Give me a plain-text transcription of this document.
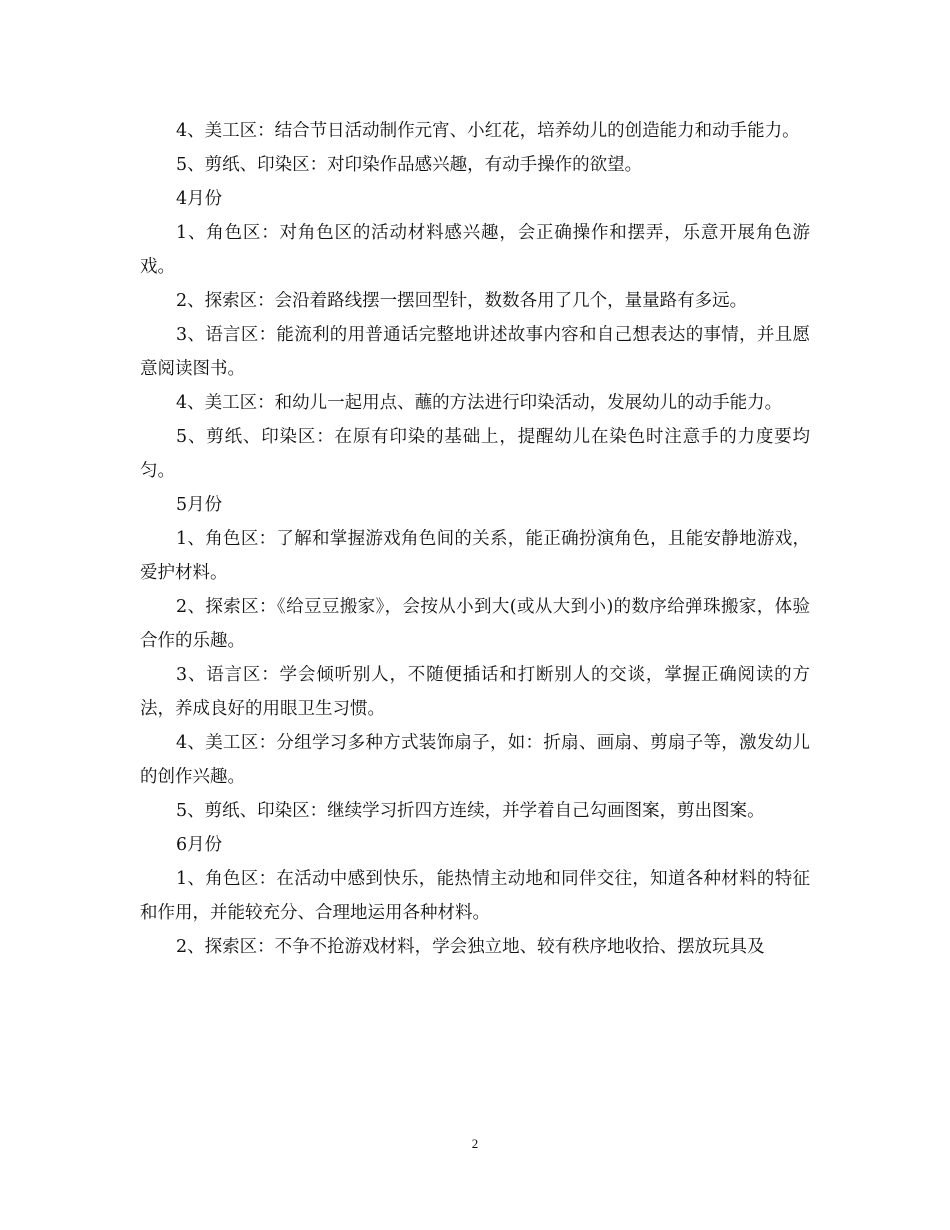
4、美工区：结合节日活动制作元宵、小红花，培养幼儿的创造能力和动手能力。

5、剪纸、印染区：对印染作品感兴趣，有动手操作的欲望。

4月份

1、角色区：对角色区的活动材料感兴趣，会正确操作和摆弄，乐意开展角色游戏。

2、探索区：会沿着路线摆一摆回型针，数数各用了几个，量量路有多远。

3、语言区：能流利的用普通话完整地讲述故事内容和自己想表达的事情，并且愿意阅读图书。

4、美工区：和幼儿一起用点、蘸的方法进行印染活动，发展幼儿的动手能力。

5、剪纸、印染区：在原有印染的基础上，提醒幼儿在染色时注意手的力度要均匀。

5月份

1、角色区：了解和掌握游戏角色间的关系，能正确扮演角色，且能安静地游戏，爱护材料。

2、探索区：《给豆豆搬家》，会按从小到大(或从大到小)的数序给弹珠搬家，体验合作的乐趣。

3、语言区：学会倾听别人，不随便插话和打断别人的交谈，掌握正确阅读的方法，养成良好的用眼卫生习惯。

4、美工区：分组学习多种方式装饰扇子，如：折扇、画扇、剪扇子等，激发幼儿的创作兴趣。

5、剪纸、印染区：继续学习折四方连续，并学着自己勾画图案，剪出图案。

6月份

1、角色区：在活动中感到快乐，能热情主动地和同伴交往，知道各种材料的特征和作用，并能较充分、合理地运用各种材料。

2、探索区：不争不抢游戏材料，学会独立地、较有秩序地收拾、摆放玩具及

2
